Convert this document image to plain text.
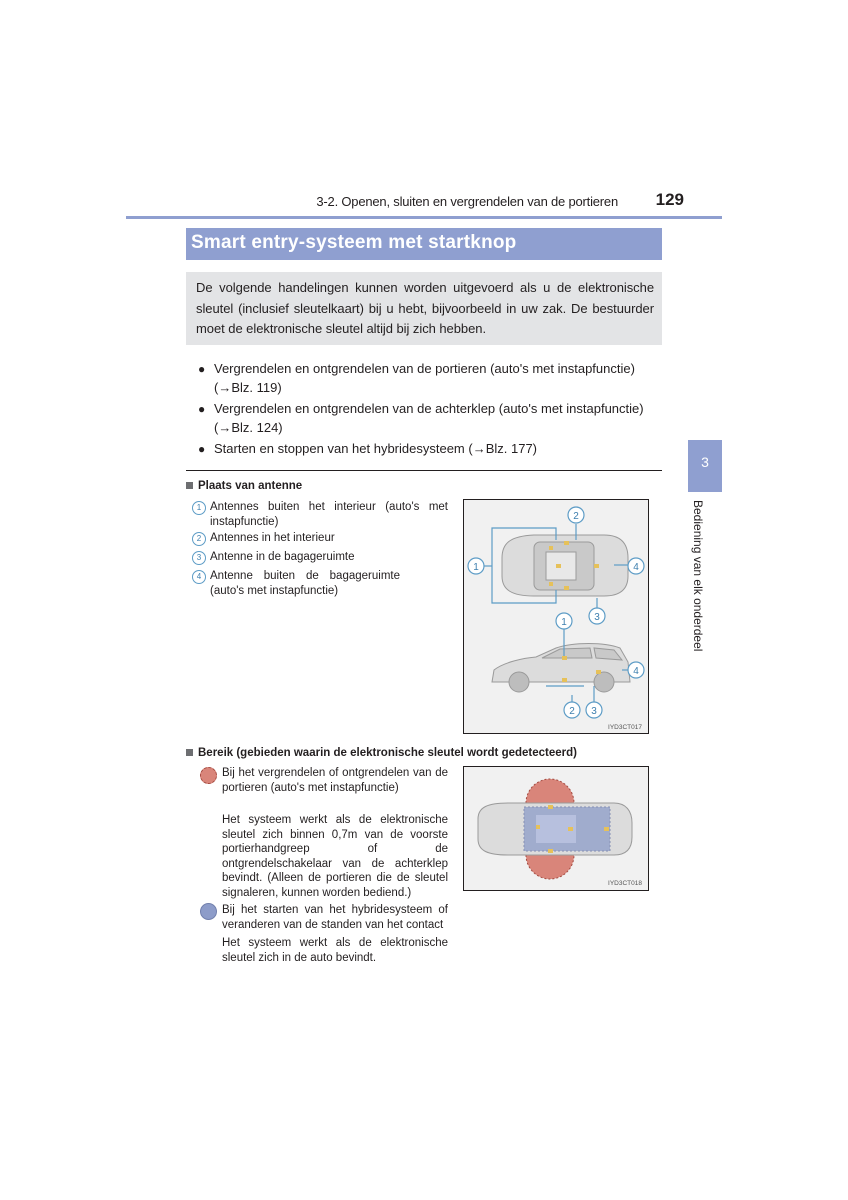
3-2. Openen, sluiten en vergrendelen van de portieren	129
Smart entry-systeem met startknop
De volgende handelingen kunnen worden uitgevoerd als u de elektronische sleutel (inclusief sleutelkaart) bij u hebt, bijvoorbeeld in uw zak. De bestuurder moet de elektronische sleutel altijd bij zich hebben.
● Vergrendelen en ontgrendelen van de portieren (auto's met instapfunctie)
(→Blz. 119)
● Vergrendelen en ontgrendelen van de achterklep (auto's met instapfunctie)
(→Blz. 124)
● Starten en stoppen van het hybridesysteem (→Blz. 177)
Plaats van antenne
1 Antennes buiten het interieur (auto's met instapfunctie)
2 Antennes in het interieur
3 Antenne in de bagageruimte
4 Antenne buiten de bagageruimte (auto's met instapfunctie)
1
2
3
4
1
2 3
4
IYD3CT017
Bereik (gebieden waarin de elektronische sleutel wordt gedetecteerd)
Bij het vergrendelen of ontgrendelen van de portieren (auto's met instapfunctie)
Het systeem werkt als de elektronische sleutel zich binnen 0,7m van de voorste portierhandgreep of de ontgrendelschakelaar van de achterklep bevindt. (Alleen de portieren die de sleutel signaleren, kunnen worden bediend.)
Bij het starten van het hybridesysteem of veranderen van de standen van het contact
Het systeem werkt als de elektronische sleutel zich in de auto bevindt.
IYD3CT018
3
Bediening van elk onderdeel
